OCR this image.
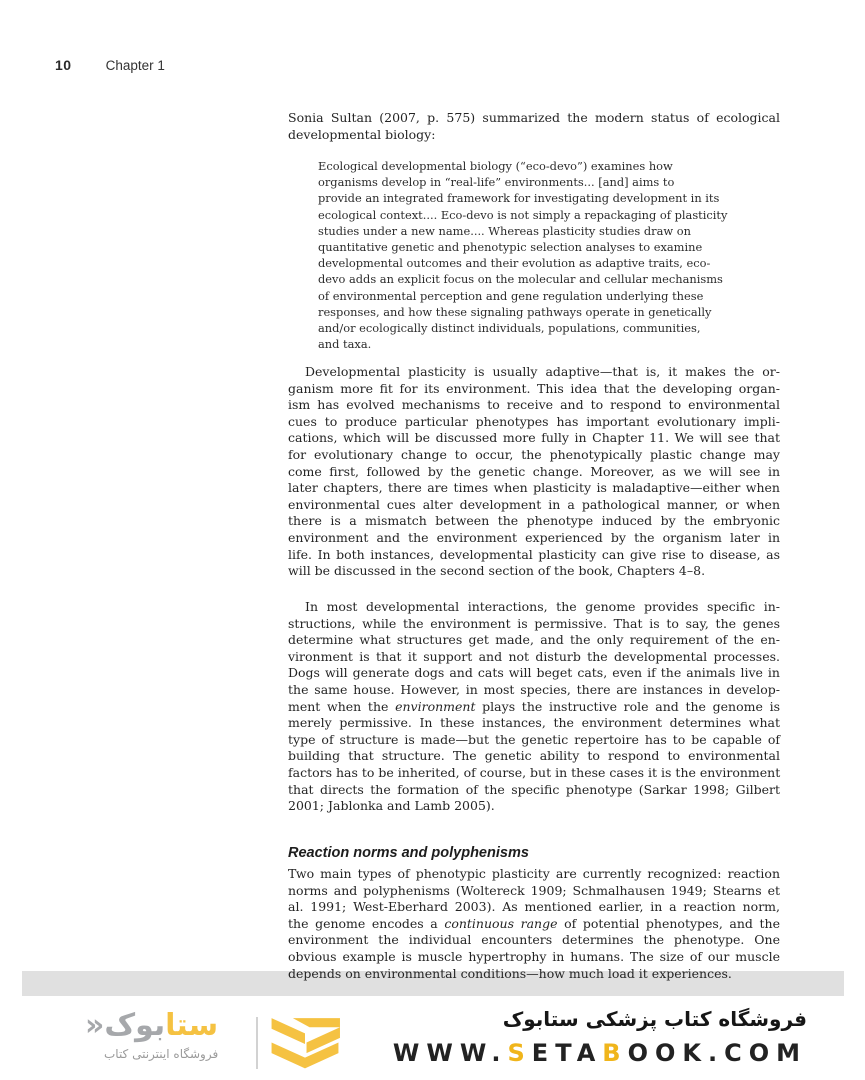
10	Chapter 1
Sonia Sultan (2007, p. 575) summarized the modern status of ecological
developmental biology:
Ecological developmental biology (“eco-devo”) examines how
organisms develop in “real-life” environments... [and] aims to
provide an integrated framework for investigating development in its
ecological context.... Eco-devo is not simply a repackaging of plasticity
studies under a new name.... Whereas plasticity studies draw on
quantitative genetic and phenotypic selection analyses to examine
developmental outcomes and their evolution as adaptive traits, eco-
devo adds an explicit focus on the molecular and cellular mechanisms
of environmental perception and gene regulation underlying these
responses, and how these signaling pathways operate in genetically
and/or ecologically distinct individuals, populations, communities,
and taxa.
Developmental plasticity is usually adaptive—that is, it makes the or-
ganism more fit for its environment. This idea that the developing organ-
ism has evolved mechanisms to receive and to respond to environmental
cues to produce particular phenotypes has important evolutionary impli-
cations, which will be discussed more fully in Chapter 11. We will see that
for evolutionary change to occur, the phenotypically plastic change may
come first, followed by the genetic change. Moreover, as we will see in
later chapters, there are times when plasticity is maladaptive—either when
environmental cues alter development in a pathological manner, or when
there is a mismatch between the phenotype induced by the embryonic
environment and the environment experienced by the organism later in
life. In both instances, developmental plasticity can give rise to disease, as
will be discussed in the second section of the book, Chapters 4–8.
In most developmental interactions, the genome provides specific in-
structions, while the environment is permissive. That is to say, the genes
determine what structures get made, and the only requirement of the en-
vironment is that it support and not disturb the developmental processes.
Dogs will generate dogs and cats will beget cats, even if the animals live in
the same house. However, in most species, there are instances in develop-
ment when the environment plays the instructive role and the genome is
merely permissive. In these instances, the environment determines what
type of structure is made—but the genetic repertoire has to be capable of
building that structure. The genetic ability to respond to environmental
factors has to be inherited, of course, but in these cases it is the environment
that directs the formation of the specific phenotype (Sarkar 1998; Gilbert
2001; Jablonka and Lamb 2005).
Reaction norms and polyphenisms
Two main types of phenotypic plasticity are currently recognized: reaction
norms and polyphenisms (Woltereck 1909; Schmalhausen 1949; Stearns et
al. 1991; West-Eberhard 2003). As mentioned earlier, in a reaction norm,
the genome encodes a continuous range of potential phenotypes, and the
environment the individual encounters determines the phenotype. One
obvious example is muscle hypertrophy in humans. The size of our muscle
depends on environmental conditions—how much load it experiences.
بوک« ستا
فروشگاه اینترنتی کتاب
فروشگاه کتاب پزشکی ستابوک
WWW.SETABOOK.COM
